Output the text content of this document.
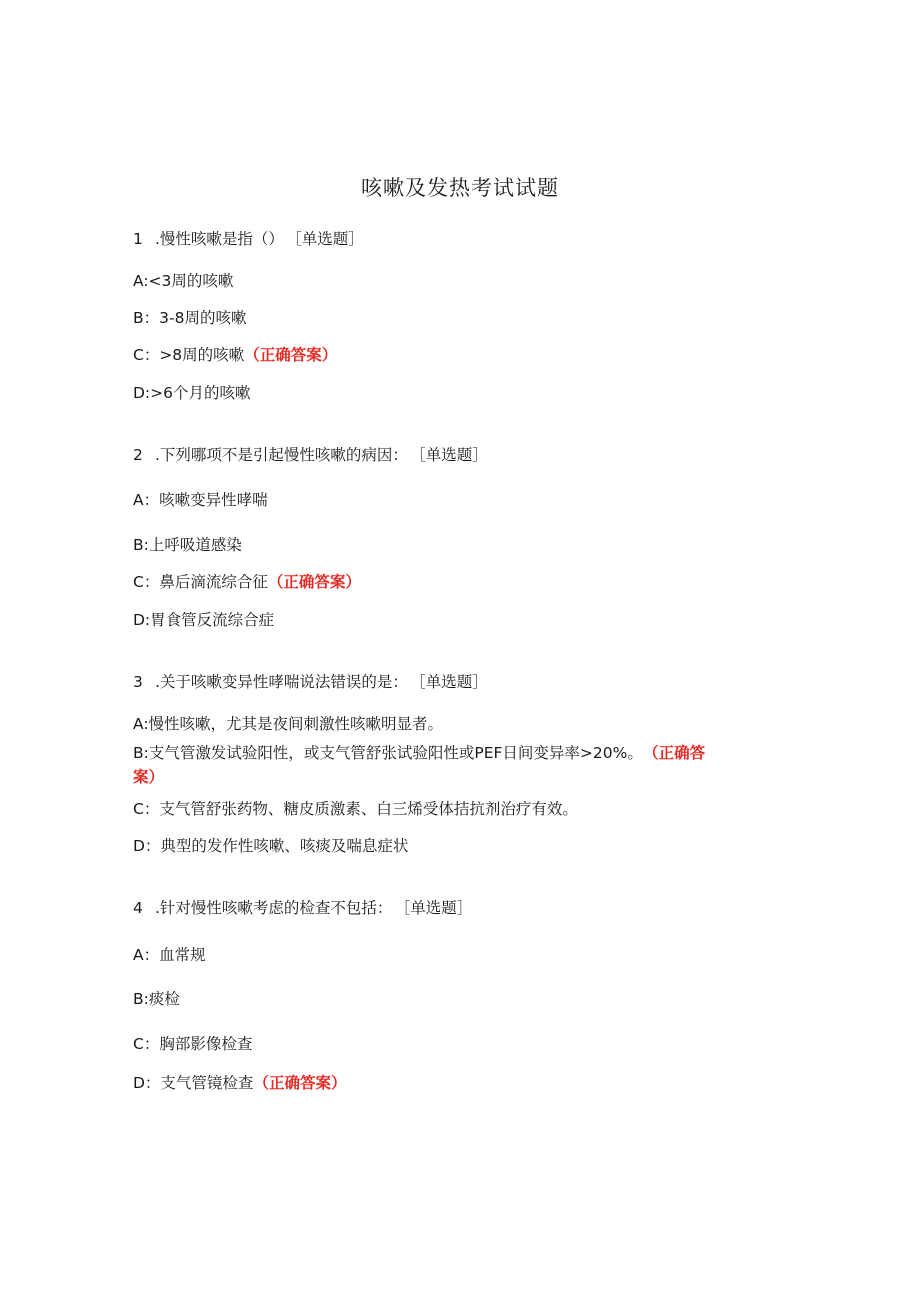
咳嗽及发热考试试题
1 .慢性咳嗽是指（） ［单选题］
A:<3周的咳嗽
B：3-8周的咳嗽
C：>8周的咳嗽（正确答案）
D:>6个月的咳嗽
2 .下列哪项不是引起慢性咳嗽的病因： ［单选题］
A：咳嗽变异性哮喘
B:上呼吸道感染
C：鼻后滴流综合征（正确答案）
D:胃食管反流综合症
3 .关于咳嗽变异性哮喘说法错误的是： ［单选题］
A:慢性咳嗽，尤其是夜间刺激性咳嗽明显者。
B:支气管激发试验阳性，或支气管舒张试验阳性或PEF日间变异率>20%。 （正确答
案）
C：支气管舒张药物、糖皮质激素、白三烯受体拮抗剂治疗有效。
D：典型的发作性咳嗽、咳痰及喘息症状
4 .针对慢性咳嗽考虑的检查不包括： ［单选题］
A：血常规
B:痰检
C：胸部影像检查
D：支气管镜检查（正确答案）
